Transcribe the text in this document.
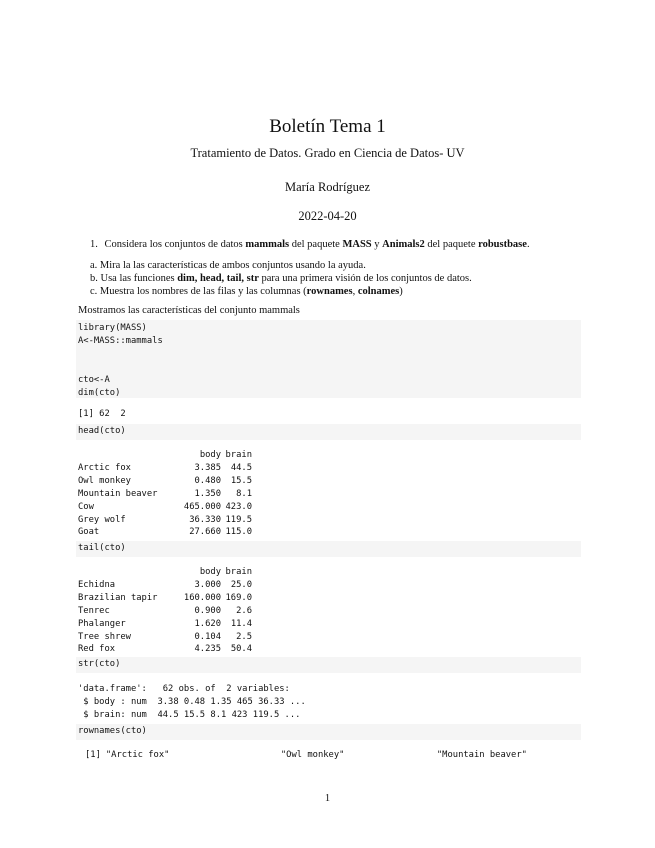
Boletín Tema 1
Tratamiento de Datos. Grado en Ciencia de Datos- UV
María Rodríguez
2022-04-20
1. Considera los conjuntos de datos mammals del paquete MASS y Animals2 del paquete robustbase.
a. Mira la las características de ambos conjuntos usando la ayuda.
b. Usa las funciones dim, head, tail, str para una primera visión de los conjuntos de datos.
c. Muestra los nombres de las filas y las columnas (rownames, colnames)
Mostramos las características del conjunto mammals
library(MASS)
A<-MASS::mammals

cto<-A
dim(cto)
[1] 62  2
head(cto)
	body	brain
Arctic fox	3.385	44.5
Owl monkey	0.480	15.5
Mountain beaver	1.350	8.1
Cow	465.000	423.0
Grey wolf	36.330	119.5
Goat	27.660	115.0
tail(cto)
	body	brain
Echidna	3.000	25.0
Brazilian tapir	160.000	169.0
Tenrec	0.900	2.6
Phalanger	1.620	11.4
Tree shrew	0.104	2.5
Red fox	4.235	50.4
str(cto)
'data.frame':   62 obs. of  2 variables:
$ body : num  3.38 0.48 1.35 465 36.33 ...
$ brain: num  44.5 15.5 8.1 423 119.5 ...
rownames(cto)
[1] "Arctic fox"	"Owl monkey"	"Mountain beaver"
1
